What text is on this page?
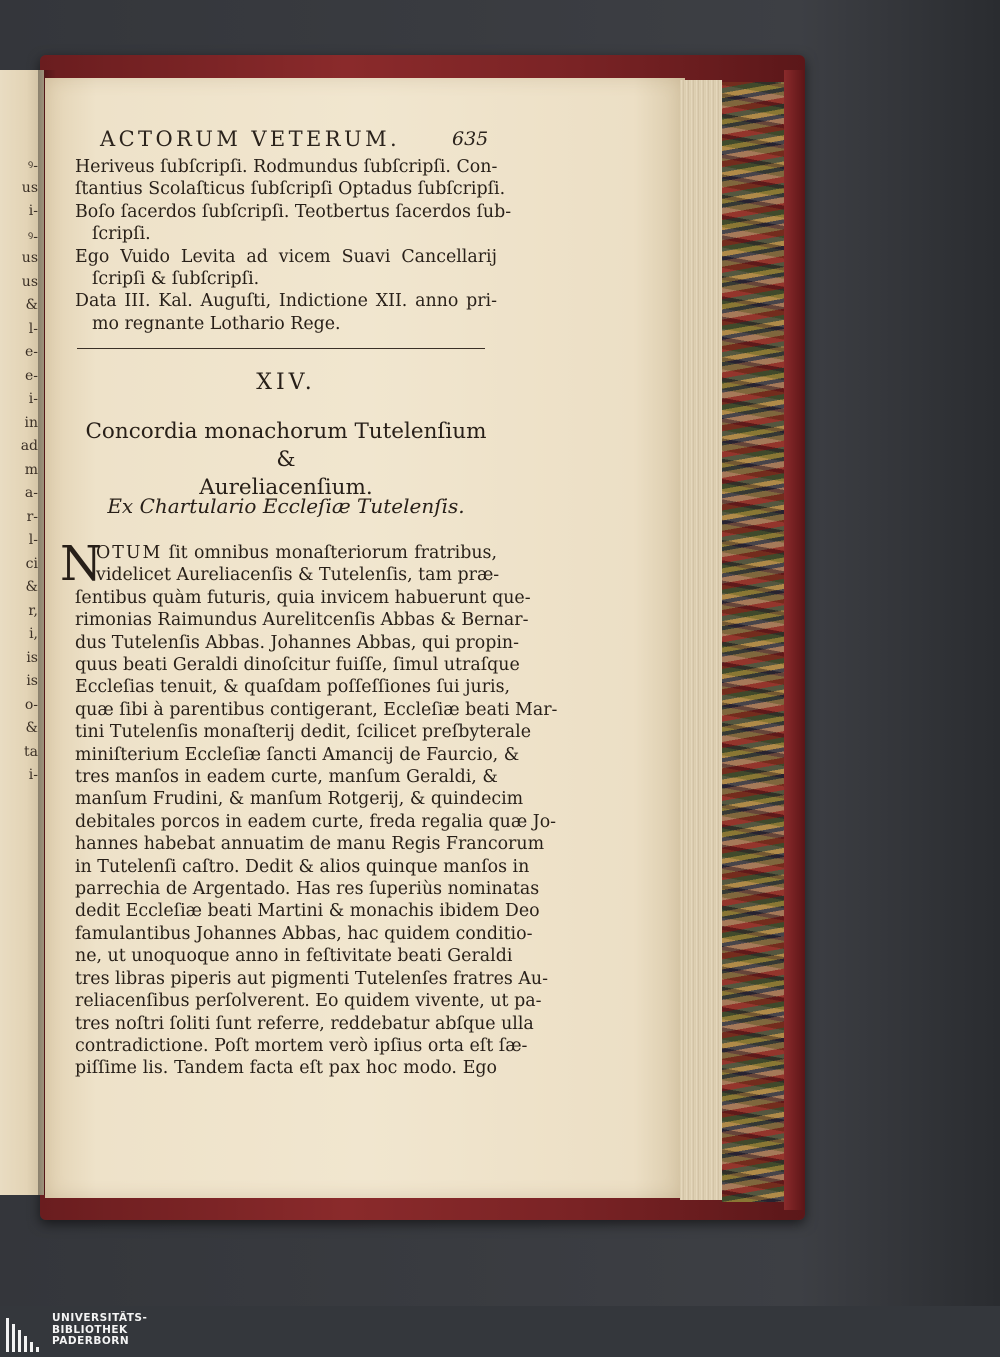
ꝰ-
us
i-
ꝰ-
us
us
&
l-
e-
e-
i-
in
ad
m
a-
r-
l-
ci
&
r,
i,
is
is
o-
&
ta
i-
ACTORUM VETERUM.	635
Heriveus ſubſcripſi. Rodmundus ſubſcripſi. Con-
ſtantius Scolaſticus ſubſcripſi Optadus ſubſcripſi.
Boſo ſacerdos ſubſcripſi. Teotbertus ſacerdos ſub-
ſcripſi.
Ego Vuido Levita ad vicem Suavi Cancellarij
ſcripſi & ſubſcripſi.
Data III. Kal. Auguſti, Indictione XII. anno pri-
mo regnante Lothario Rege.
XIV.
Concordia monachorum Tutelenſium &
Aureliacenſium.
Ex Chartulario Eccleſiæ Tutelenſis.
N
OTUM ſit omnibus monaſteriorum fratribus,
videlicet Aureliacenſis & Tutelenſis, tam præ-
ſentibus quàm futuris, quia invicem habuerunt que-
rimonias Raimundus Aurelitcenſis Abbas & Bernar-
dus Tutelenſis Abbas. Johannes Abbas, qui propin-
quus beati Geraldi dinoſcitur fuiſſe, ſimul utraſque
Eccleſias tenuit, & quaſdam poſſeſſiones ſui juris,
quæ ſibi à parentibus contigerant, Eccleſiæ beati Mar-
tini Tutelenſis monaſterij dedit, ſcilicet preſbyterale
miniſterium Eccleſiæ ſancti Amancij de Faurcio, &
tres manſos in eadem curte, manſum Geraldi, &
manſum Frudini, & manſum Rotgerij, & quindecim
debitales porcos in eadem curte, freda regalia quæ Jo-
hannes habebat annuatim de manu Regis Francorum
in Tutelenſi caſtro. Dedit & alios quinque manſos in
parrechia de Argentado. Has res ſuperiùs nominatas
dedit Eccleſiæ beati Martini & monachis ibidem Deo
famulantibus Johannes Abbas, hac quidem conditio-
ne, ut unoquoque anno in feſtivitate beati Geraldi
tres libras piperis aut pigmenti Tutelenſes fratres Au-
reliacenſibus perſolverent. Eo quidem vivente, ut pa-
tres noſtri ſoliti ſunt referre, reddebatur abſque ulla
contradictione. Poſt mortem verò ipſius orta eſt ſæ-
piſſime lis. Tandem facta eſt pax hoc modo. Ego
UNIVERSITÄTS-
BIBLIOTHEK
PADERBORN
